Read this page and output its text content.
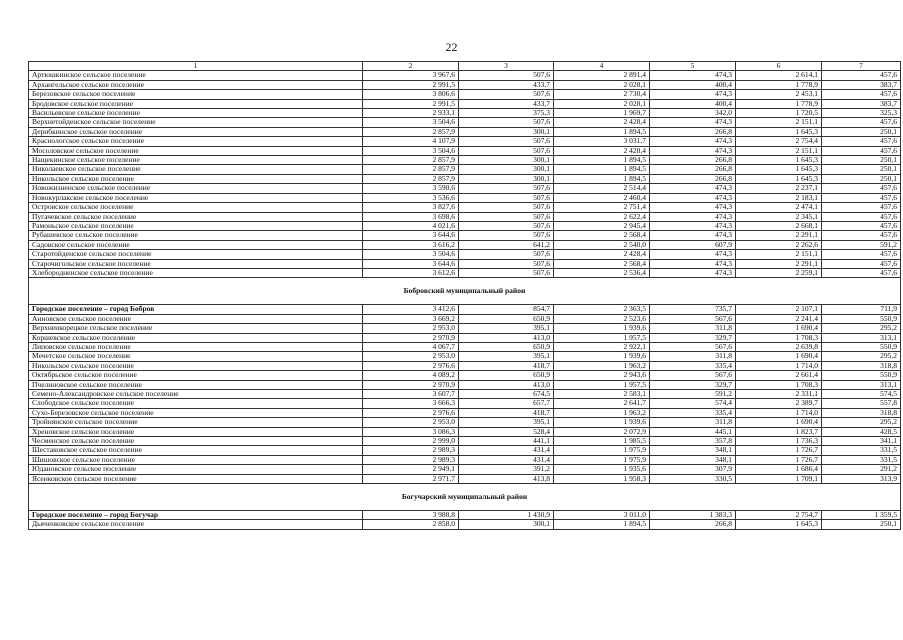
22
1	2	3	4	5	6	7
Артюшкинское сельское поселение	3 967,6	507,6	2 891,4	474,3	2 614,1	457,6
Архангельское сельское поселение	2 991,5	433,7	2 028,1	400,4	1 778,9	383,7
Березовское сельское поселение	3 806,6	507,6	2 730,4	474,3	2 453,1	457,6
Бродовское сельское поселение	2 991,5	433,7	2 028,1	400,4	1 778,9	383,7
Васильевское сельское поселение	2 933,1	375,3	1 969,7	342,0	1 720,5	325,3
Верхнетойденское сельское поселение	3 504,6	507,6	2 428,4	474,3	2 151,1	457,6
Дерибкинское сельское поселение	2 857,9	300,1	1 894,5	266,8	1 645,3	250,1
Краснологское сельское поселение	4 107,9	507,6	3 031,7	474,3	2 754,4	457,6
Мосоловское сельское поселение	3 504,6	507,6	2 428,4	474,3	2 151,1	457,6
Нащекинское сельское поселение	2 857,9	300,1	1 894,5	266,8	1 645,3	250,1
Николаевское сельское поселение	2 857,9	300,1	1 894,5	266,8	1 645,3	250,1
Никольское сельское поселение	2 857,9	300,1	1 894,5	266,8	1 645,3	250,1
Новожизненское сельское поселение	3 590,6	507,6	2 514,4	474,3	2 237,1	457,6
Новокурлакское сельское поселение	3 536,6	507,6	2 460,4	474,3	2 183,1	457,6
Островское сельское поселение	3 827,6	507,6	2 751,4	474,3	2 474,1	457,6
Пугачевское сельское поселение	3 698,6	507,6	2 622,4	474,3	2 345,1	457,6
Рамоньское сельское поселение	4 021,6	507,6	2 945,4	474,3	2 668,1	457,6
Рубашевское сельское поселение	3 644,6	507,6	2 568,4	474,3	2 291,1	457,6
Садовское сельское поселение	3 616,2	641,2	2 540,0	607,9	2 262,6	591,2
Старотойденское сельское поселение	3 504,6	507,6	2 428,4	474,3	2 151,1	457,6
Старочигольское сельское поселение	3 644,6	507,6	2 568,4	474,3	2 291,1	457,6
Хлебородненское сельское поселение	3 612,6	507,6	2 536,4	474,3	2 259,1	457,6
Бобровский муниципальный район						
Городское поселение – город Бобров	3 412,6	854,7	2 363,5	735,7	2 107,1	711,9
Анновское сельское поселение	3 669,2	650,9	2 523,6	567,6	2 241,4	550,9
Верхнеикорецкое сельское поселение	2 953,0	395,1	1 939,6	311,8	1 690,4	295,2
Коршевское сельское поселение	2 970,9	413,0	1 957,5	329,7	1 708,3	313,1
Липовское сельское поселение	4 067,7	650,9	2 922,1	567,6	2 639,8	550,9
Мечетское сельское поселение	2 953,0	395,1	1 939,6	311,8	1 690,4	295,2
Никольское сельское поселение	2 976,6	418,7	1 963,2	335,4	1 714,0	318,8
Октябрьское сельское поселение	4 089,2	650,9	2 943,6	567,6	2 661,4	550,9
Пчелиновское сельское поселение	2 970,9	413,0	1 957,5	329,7	1 708,3	313,1
Семено-Александровское сельское поселение	3 607,7	674,5	2 583,1	591,2	2 331,1	574,5
Слободское сельское поселение	3 666,3	657,7	2 641,7	574,4	2 389,7	557,8
Сухо-Березовское сельское поселение	2 976,6	418,7	1 963,2	335,4	1 714,0	318,8
Тройнянское сельское поселение	2 953,0	395,1	1 939,6	311,8	1 690,4	295,2
Хреновское сельское поселение	3 086,3	528,4	2 072,9	445,1	1 823,7	428,5
Чесменское сельское поселение	2 999,0	441,1	1 985,5	357,8	1 736,3	341,1
Шестаковское сельское поселение	2 989,3	431,4	1 975,9	348,1	1 726,7	331,5
Шишовское сельское поселение	2 989,3	431,4	1 975,9	348,1	1 726,7	331,5
Юдановское сельское поселение	2 949,1	391,2	1 935,6	307,9	1 686,4	291,2
Ясенковское сельское поселение	2 971,7	413,8	1 958,3	330,5	1 709,1	313,9
Богучарский муниципальный район						
Городское поселение – город Богучар	3 988,8	1 430,9	3 011,0	1 383,3	2 754,7	1 359,5
Дьяченковское сельское поселение	2 858,0	300,1	1 894,5	266,8	1 645,3	250,1
